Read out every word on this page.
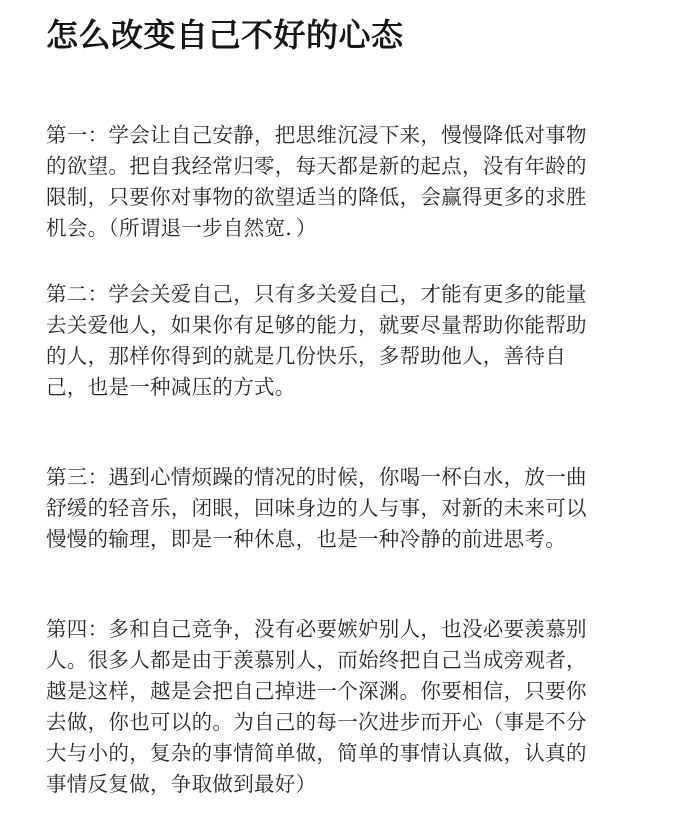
怎么改变自己不好的心态
第一：学会让自己安静，把思维沉浸下来，慢慢降低对事物
的欲望。把自我经常归零，每天都是新的起点，没有年龄的
限制，只要你对事物的欲望适当的降低，会赢得更多的求胜
机会。（所谓退一步自然宽．）
第二：学会关爱自己，只有多关爱自己，才能有更多的能量
去关爱他人，如果你有足够的能力，就要尽量帮助你能帮助
的人，那样你得到的就是几份快乐，多帮助他人，善待自
己，也是一种减压的方式。
第三：遇到心情烦躁的情况的时候，你喝一杯白水，放一曲
舒缓的轻音乐，闭眼，回味身边的人与事，对新的未来可以
慢慢的输理，即是一种休息，也是一种冷静的前进思考。
第四：多和自己竞争，没有必要嫉妒别人，也没必要羡慕别
人。很多人都是由于羡慕别人，而始终把自己当成旁观者，
越是这样，越是会把自己掉进一个深渊。你要相信，只要你
去做，你也可以的。为自己的每一次进步而开心（事是不分
大与小的，复杂的事情简单做，简单的事情认真做，认真的
事情反复做，争取做到最好）
